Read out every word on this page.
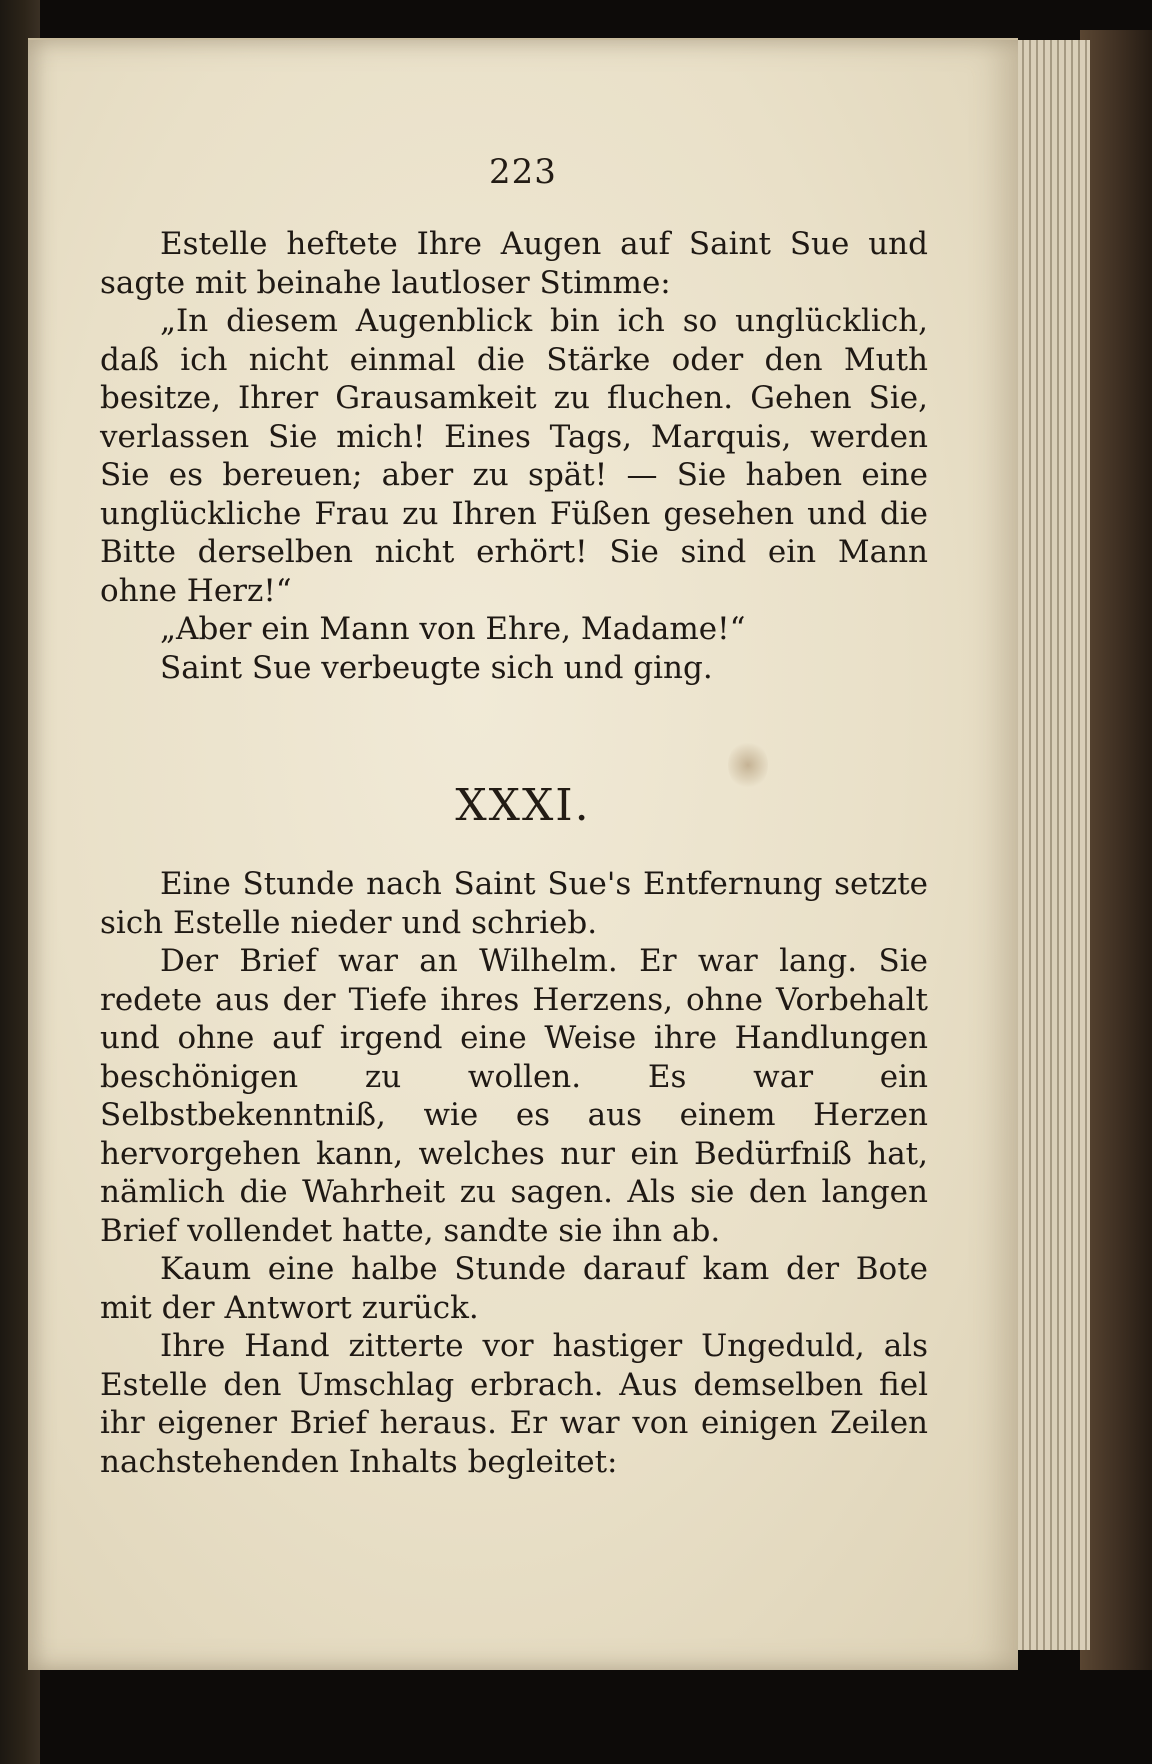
223

Estelle heftete Ihre Augen auf Saint Sue und sagte mit beinahe lautloser Stimme:

„In diesem Augenblick bin ich so unglücklich, daß ich nicht einmal die Stärke oder den Muth besitze, Ihrer Grausamkeit zu fluchen. Gehen Sie, verlassen Sie mich! Eines Tags, Marquis, werden Sie es bereuen; aber zu spät! — Sie haben eine unglückliche Frau zu Ihren Füßen gesehen und die Bitte derselben nicht erhört! Sie sind ein Mann ohne Herz!“

„Aber ein Mann von Ehre, Madame!“

Saint Sue verbeugte sich und ging.

XXXI.

Eine Stunde nach Saint Sue's Entfernung setzte sich Estelle nieder und schrieb.

Der Brief war an Wilhelm. Er war lang. Sie redete aus der Tiefe ihres Herzens, ohne Vorbehalt und ohne auf irgend eine Weise ihre Handlungen beschönigen zu wollen. Es war ein Selbstbekenntniß, wie es aus einem Herzen hervorgehen kann, welches nur ein Bedürfniß hat, nämlich die Wahrheit zu sagen. Als sie den langen Brief vollendet hatte, sandte sie ihn ab.

Kaum eine halbe Stunde darauf kam der Bote mit der Antwort zurück.

Ihre Hand zitterte vor hastiger Ungeduld, als Estelle den Umschlag erbrach. Aus demselben fiel ihr eigener Brief heraus. Er war von einigen Zeilen nachstehenden Inhalts begleitet:
